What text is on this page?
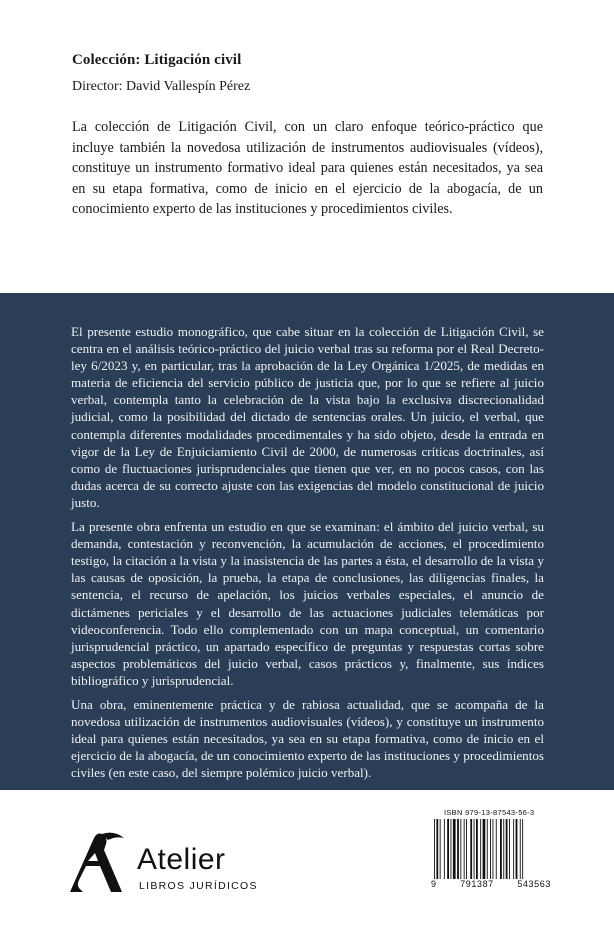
Colección: Litigación civil
Director: David Vallespín Pérez
La colección de Litigación Civil, con un claro enfoque teórico-práctico que incluye también la novedosa utilización de instrumentos audiovisuales (vídeos), constituye un instrumento formativo ideal para quienes están necesitados, ya sea en su etapa formativa, como de inicio en el ejercicio de la abogacía, de un conocimiento experto de las instituciones y procedimientos civiles.

El presente estudio monográfico, que cabe situar en la colección de Litigación Civil, se centra en el análisis teórico-práctico del juicio verbal tras su reforma por el Real Decreto-ley 6/2023 y, en particular, tras la aprobación de la Ley Orgánica 1/2025, de medidas en materia de eficiencia del servicio público de justicia que, por lo que se refiere al juicio verbal, contempla tanto la celebración de la vista bajo la exclusiva discrecionalidad judicial, como la posibilidad del dictado de sentencias orales. Un juicio, el verbal, que contempla diferentes modalidades procedimentales y ha sido objeto, desde la entrada en vigor de la Ley de Enjuiciamiento Civil de 2000, de numerosas críticas doctrinales, así como de fluctuaciones jurisprudenciales que tienen que ver, en no pocos casos, con las dudas acerca de su correcto ajuste con las exigencias del modelo constitucional de juicio justo.

La presente obra enfrenta un estudio en que se examinan: el ámbito del juicio verbal, su demanda, contestación y reconvención, la acumulación de acciones, el procedimiento testigo, la citación a la vista y la inasistencia de las partes a ésta, el desarrollo de la vista y las causas de oposición, la prueba, la etapa de conclusiones, las diligencias finales, la sentencia, el recurso de apelación, los juicios verbales especiales, el anuncio de dictámenes periciales y el desarrollo de las actuaciones judiciales telemáticas por videoconferencia. Todo ello complementado con un mapa conceptual, un comentario jurisprudencial práctico, un apartado específico de preguntas y respuestas cortas sobre aspectos problemáticos del juicio verbal, casos prácticos y, finalmente, sus índices bibliográfico y jurisprudencial.

Una obra, eminentemente práctica y de rabiosa actualidad, que se acompaña de la novedosa utilización de instrumentos audiovisuales (vídeos), y constituye un instrumento ideal para quienes están necesitados, ya sea en su etapa formativa, como de inicio en el ejercicio de la abogacía, de un conocimiento experto de las instituciones y procedimientos civiles (en este caso, del siempre polémico juicio verbal).

Atelier
LIBROS JURÍDICOS
ISBN 979-13-87543-56-3
9	791387	543563
